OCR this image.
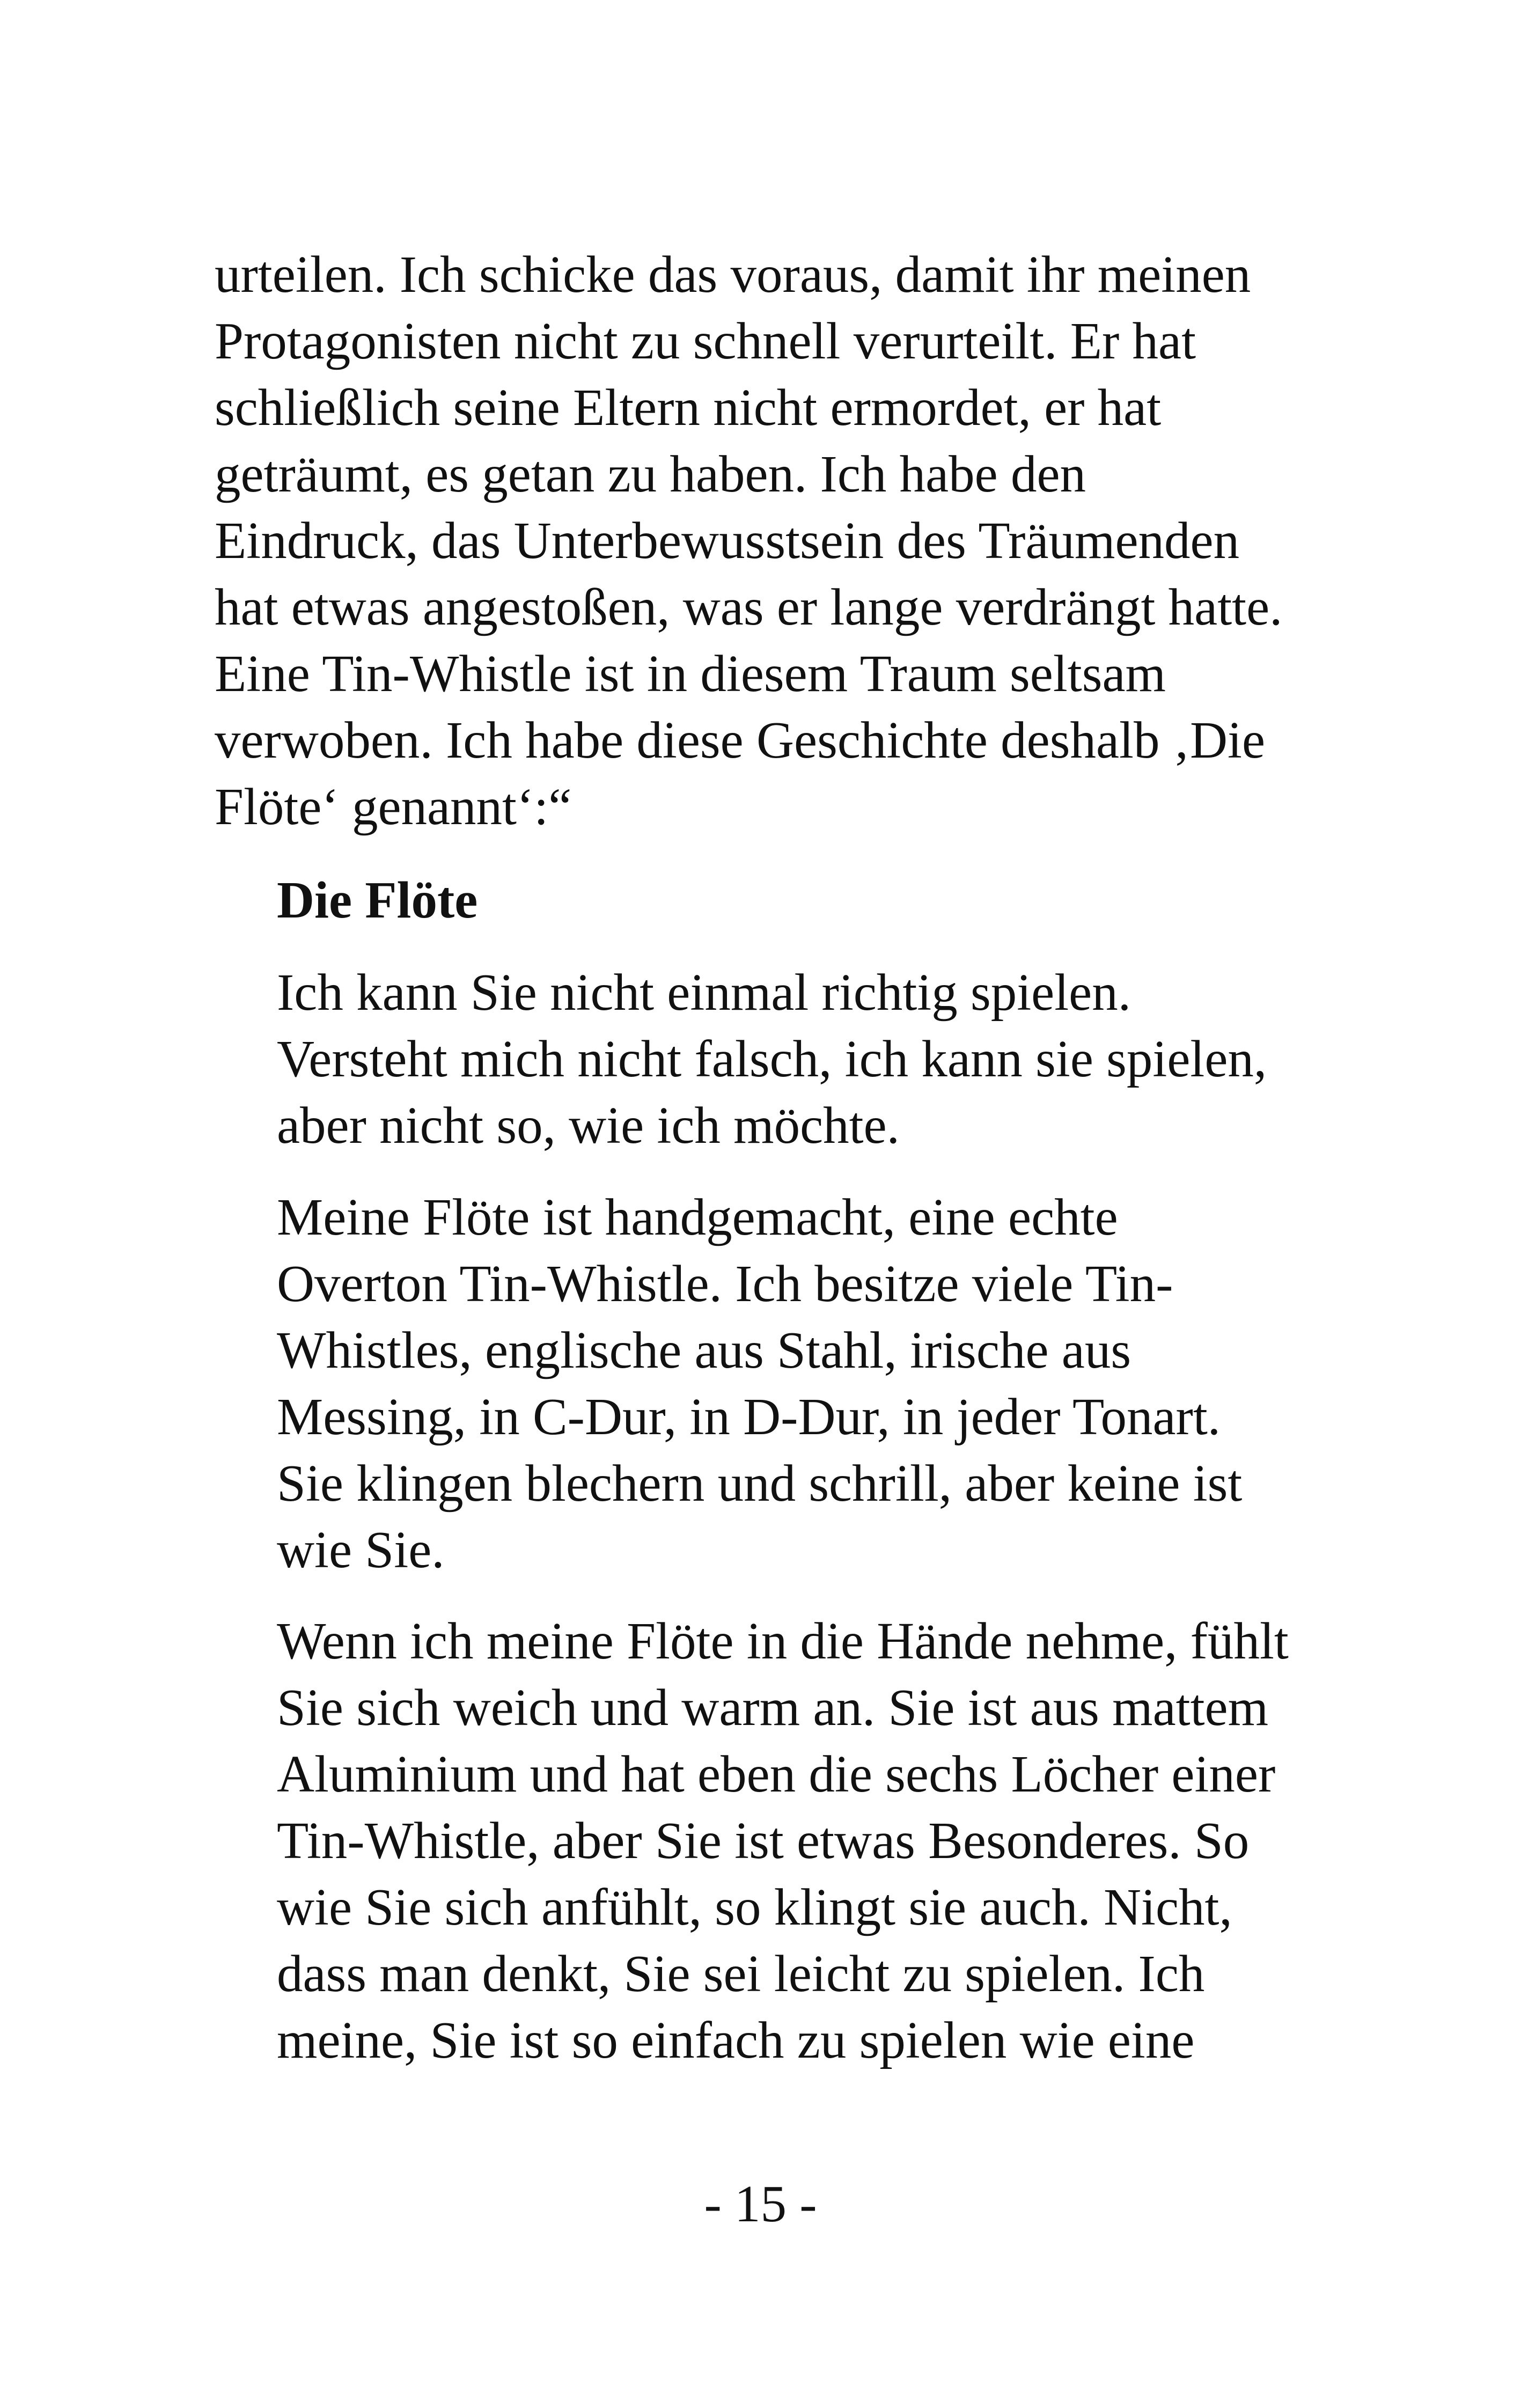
urteilen. Ich schicke das voraus, damit ihr meinen
Protagonisten nicht zu schnell verurteilt. Er hat
schließlich seine Eltern nicht ermordet, er hat
geträumt, es getan zu haben. Ich habe den
Eindruck, das Unterbewusstsein des Träumenden
hat etwas angestoßen, was er lange verdrängt hatte.
Eine Tin-Whistle ist in diesem Traum seltsam
verwoben. Ich habe diese Geschichte deshalb ‚Die
Flöte‘ genannt‘:“

Die Flöte

Ich kann Sie nicht einmal richtig spielen.
Versteht mich nicht falsch, ich kann sie spielen,
aber nicht so, wie ich möchte.

Meine Flöte ist handgemacht, eine echte
Overton Tin-Whistle. Ich besitze viele Tin-
Whistles, englische aus Stahl, irische aus
Messing, in C-Dur, in D-Dur, in jeder Tonart.
Sie klingen blechern und schrill, aber keine ist
wie Sie.

Wenn ich meine Flöte in die Hände nehme, fühlt
Sie sich weich und warm an. Sie ist aus mattem
Aluminium und hat eben die sechs Löcher einer
Tin-Whistle, aber Sie ist etwas Besonderes. So
wie Sie sich anfühlt, so klingt sie auch. Nicht,
dass man denkt, Sie sei leicht zu spielen. Ich
meine, Sie ist so einfach zu spielen wie eine

- 15 -
